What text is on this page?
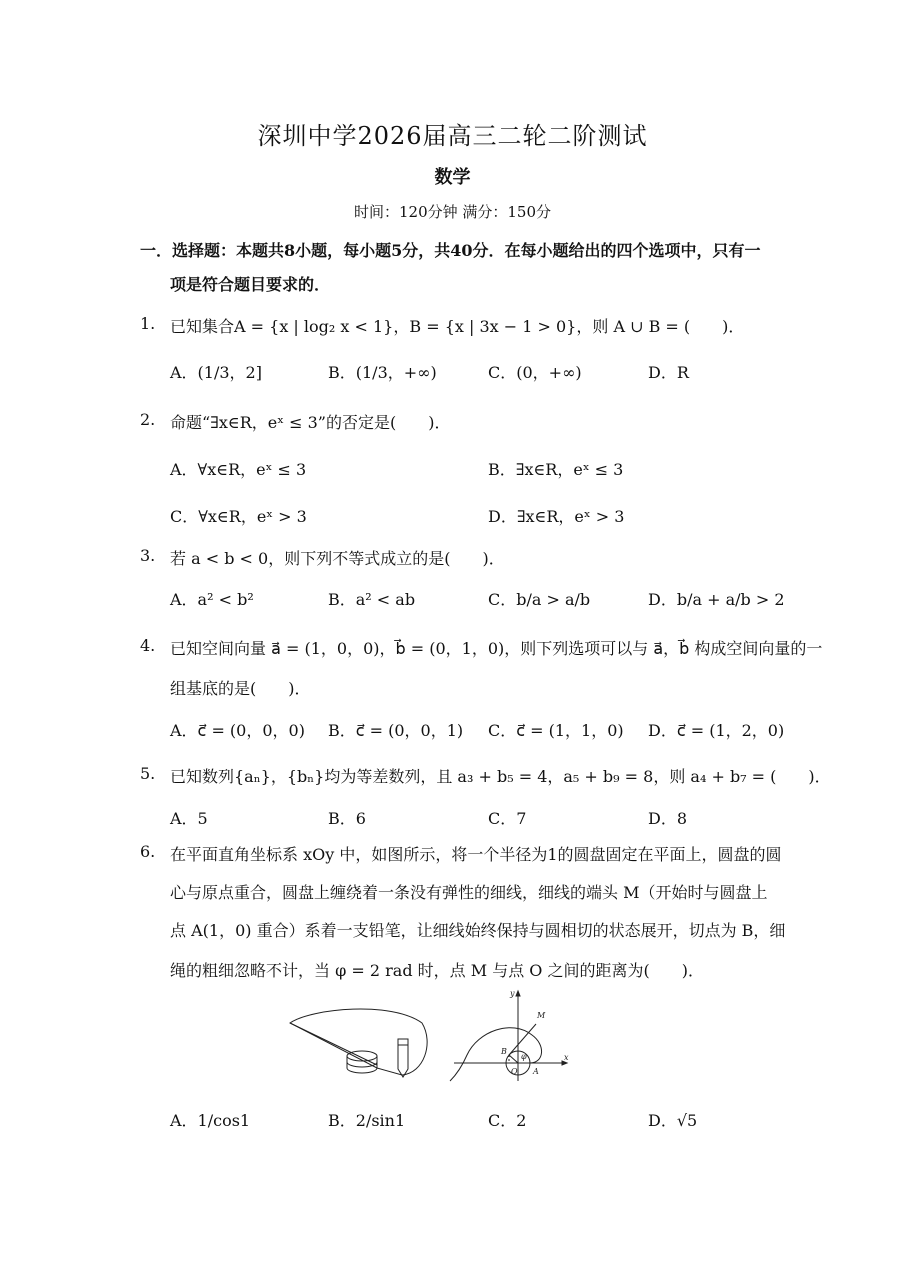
深圳中学2026届高三二轮二阶测试
数学
时间：120分钟 满分：150分
一．选择题：本题共8小题，每小题5分，共40分．在每小题给出的四个选项中，只有一
项是符合题目要求的．
1. 已知集合A = {x | log₂ x < 1}，B = {x | 3x − 1 > 0}，则 A ∪ B = (　　)．
A．(1/3，2]	B．(1/3，+∞)	C．(0，+∞)	D．R
2. 命题“∃x∈R，eˣ ≤ 3”的否定是(　　)．
A．∀x∈R，eˣ ≤ 3	B．∃x∈R，eˣ ≤ 3
C．∀x∈R，eˣ > 3	D．∃x∈R，eˣ > 3
3. 若 a < b < 0，则下列不等式成立的是(　　)．
A．a² < b²	B．a² < ab	C．b/a > a/b	D．b/a + a/b > 2
4. 已知空间向量 a⃗ = (1，0，0)，b⃗ = (0，1，0)，则下列选项可以与 a⃗，b⃗ 构成空间向量的一
组基底的是(　　)．
A．c⃗ = (0，0，0) B．c⃗ = (0，0，1) C．c⃗ = (1，1，0) D．c⃗ = (1，2，0)
5. 已知数列{aₙ}，{bₙ}均为等差数列，且 a₃ + b₅ = 4，a₅ + b₉ = 8，则 a₄ + b₇ = (　　)．
A．5	B．6	C．7	D．8
6. 在平面直角坐标系 xOy 中，如图所示，将一个半径为1的圆盘固定在平面上，圆盘的圆
心与原点重合，圆盘上缠绕着一条没有弹性的细线，细线的端头 M（开始时与圆盘上
点 A(1，0) 重合）系着一支铅笔，让细线始终保持与圆相切的状态展开，切点为 B，细
绳的粗细忽略不计，当 φ = 2 rad 时，点 M 与点 O 之间的距离为(　　)．
y
x
M
B
O A
φ
A．1/cos1	B．2/sin1	C．2	D．√5
